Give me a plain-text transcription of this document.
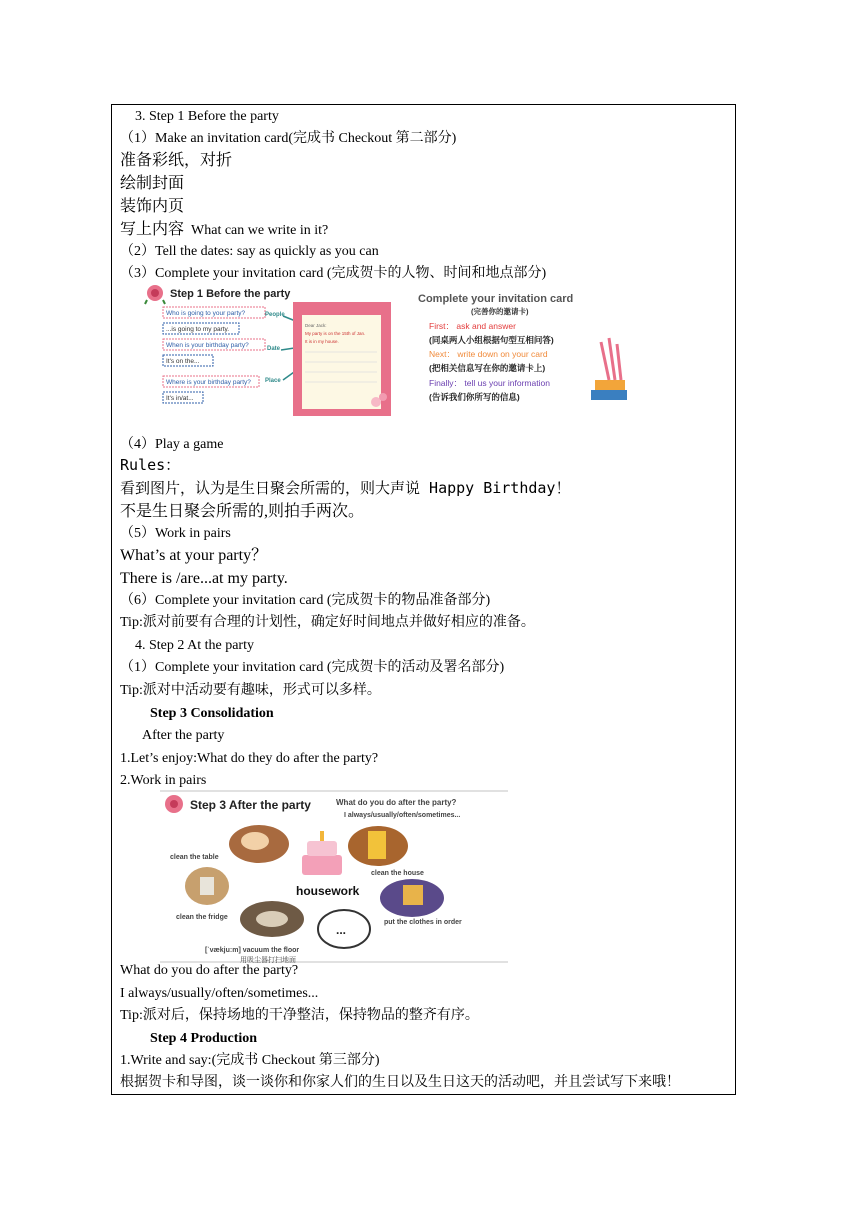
3. Step 1 Before the party
（1）Make an invitation card(完成书 Checkout 第二部分)
准备彩纸，对折
绘制封面
装饰内页
写上内容 What can we write in it?
（2）Tell the dates: say as quickly as you can
（3）Complete your invitation card (完成贺卡的人物、时间和地点部分)
Step 1 Before the party
Who is going to your party?
...is going to my party.
When is your birthday party?
It's on the...
Where is your birthday party?
It's in/at...
People
Date
Place
Dear Jack:
My party is on the 15th of Jan.
It is in my house.
Complete your invitation card
(完善你的邀请卡)
First： ask and answer
(同桌两人小组根据句型互相问答)
Next： write down on your card
(把相关信息写在你的邀请卡上)
Finally： tell us your information
(告诉我们你所写的信息)
（4）Play a game
Rules：
看到图片，认为是生日聚会所需的，则大声说 Happy Birthday！
不是生日聚会所需的,则拍手两次。
（5）Work in pairs
What’s at your party？
There is /are...at my party.
（6）Complete your invitation card (完成贺卡的物品准备部分)
Tip:派对前要有合理的计划性，确定好时间地点并做好相应的准备。
4. Step 2 At the party
（1）Complete your invitation card (完成贺卡的活动及署名部分)
Tip:派对中活动要有趣味，形式可以多样。
Step 3 Consolidation
After the party
1.Let’s enjoy:What do they do after the party?
2.Work in pairs
Step 3 After the party	What do you do after the party?
I always/usually/often/sometimes...
clean the table
clean the fridge
housework
clean the house
put the clothes in order
...
[ˈvækjuːm] vacuum the floor
用吸尘器打扫地面
What do you do after the party?
I always/usually/often/sometimes...
Tip:派对后，保持场地的干净整洁，保持物品的整齐有序。
Step 4 Production
1.Write and say:(完成书 Checkout 第三部分)
根据贺卡和导图，谈一谈你和你家人们的生日以及生日这天的活动吧，并且尝试写下来哦！
